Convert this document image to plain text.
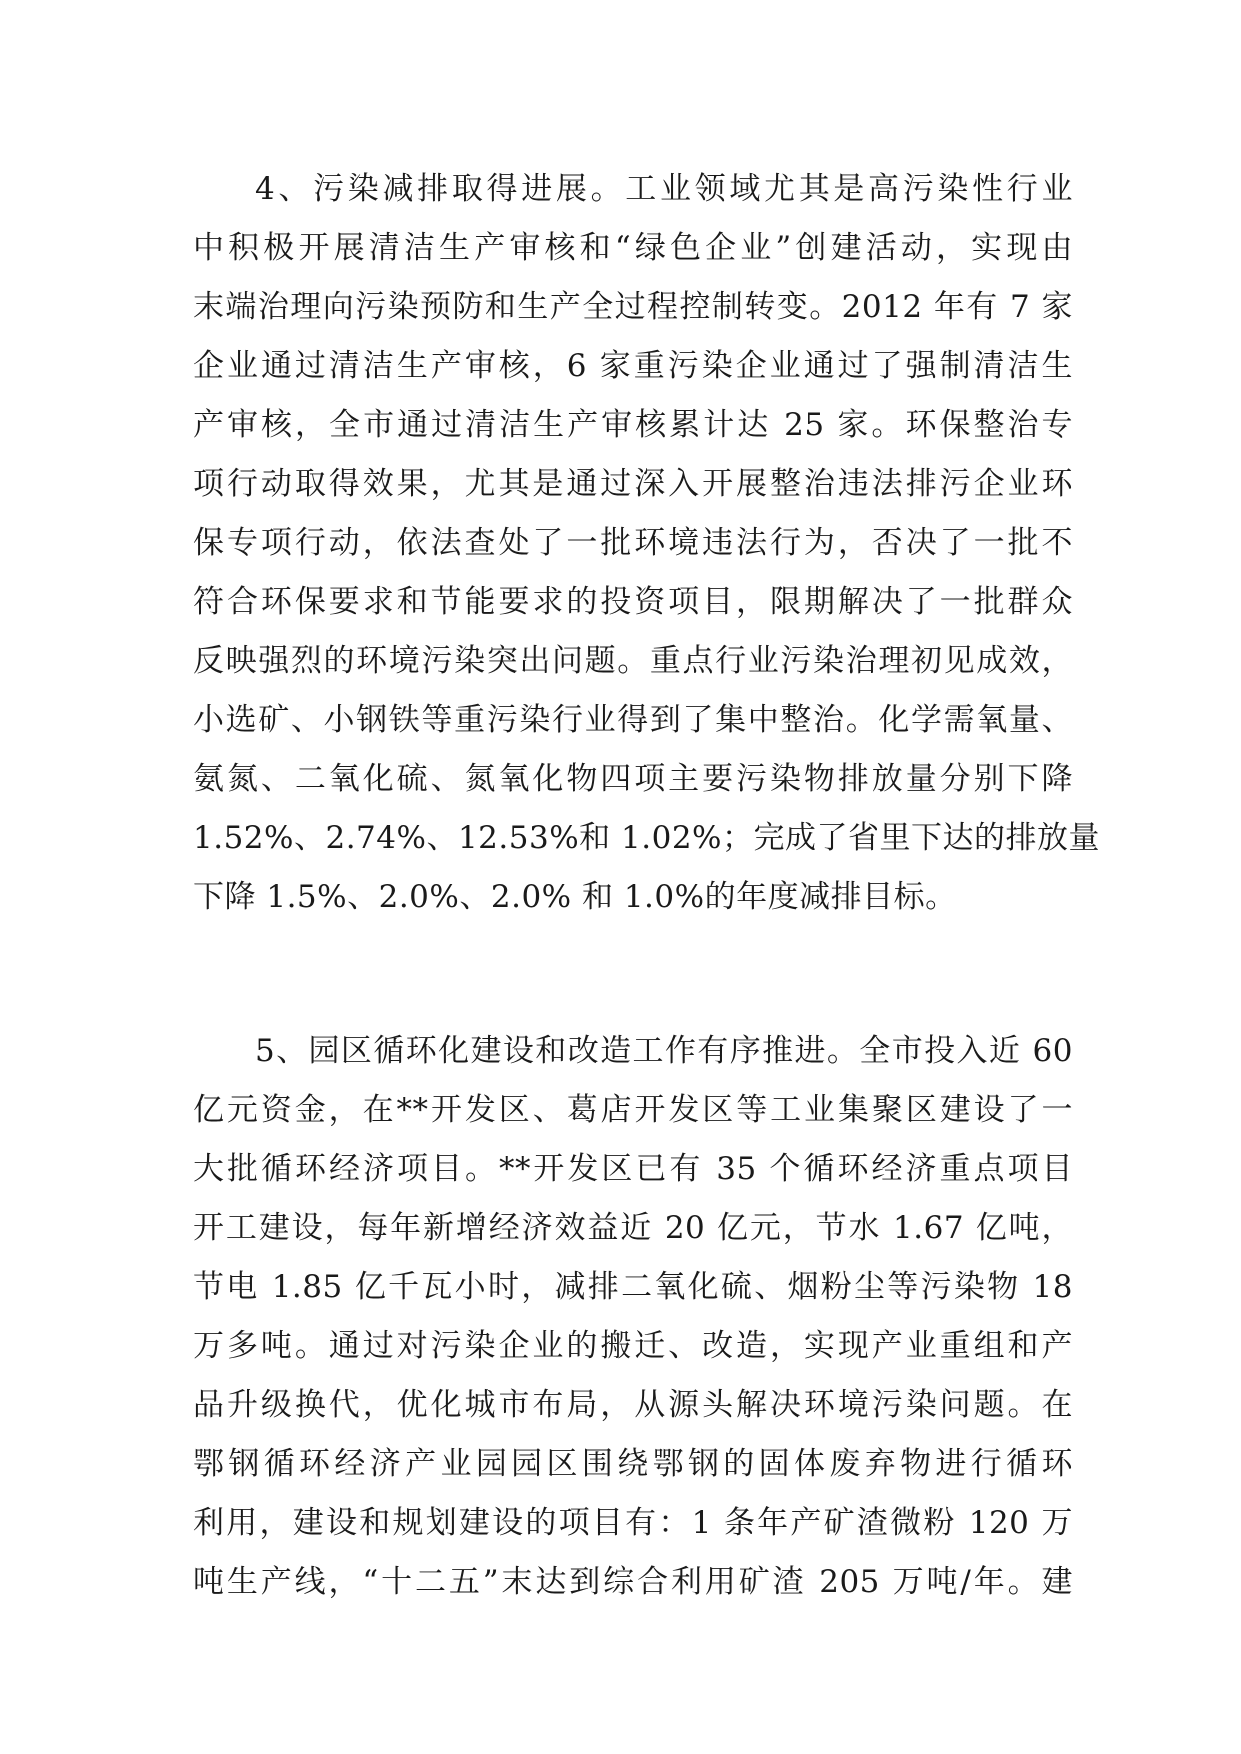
4、污染减排取得进展。工业领域尤其是高污染性行业
中积极开展清洁生产审核和“绿色企业”创建活动，实现由
末端治理向污染预防和生产全过程控制转变。2012 年有 7 家
企业通过清洁生产审核，6 家重污染企业通过了强制清洁生
产审核，全市通过清洁生产审核累计达 25 家。环保整治专
项行动取得效果，尤其是通过深入开展整治违法排污企业环
保专项行动，依法查处了一批环境违法行为，否决了一批不
符合环保要求和节能要求的投资项目，限期解决了一批群众
反映强烈的环境污染突出问题。重点行业污染治理初见成效，
小选矿、小钢铁等重污染行业得到了集中整治。化学需氧量、
氨氮、二氧化硫、氮氧化物四项主要污染物排放量分别下降
1.52%、2.74%、12.53%和 1.02%；完成了省里下达的排放量
下降 1.5%、2.0%、2.0% 和 1.0%的年度减排目标。
5、园区循环化建设和改造工作有序推进。全市投入近 60
亿元资金，在**开发区、葛店开发区等工业集聚区建设了一
大批循环经济项目。**开发区已有 35 个循环经济重点项目
开工建设，每年新增经济效益近 20 亿元，节水 1.67 亿吨，
节电 1.85 亿千瓦小时，减排二氧化硫、烟粉尘等污染物 18
万多吨。通过对污染企业的搬迁、改造，实现产业重组和产
品升级换代，优化城市布局，从源头解决环境污染问题。在
鄂钢循环经济产业园园区围绕鄂钢的固体废弃物进行循环
利用，建设和规划建设的项目有：1 条年产矿渣微粉 120 万
吨生产线，“十二五”末达到综合利用矿渣 205 万吨/年。建
